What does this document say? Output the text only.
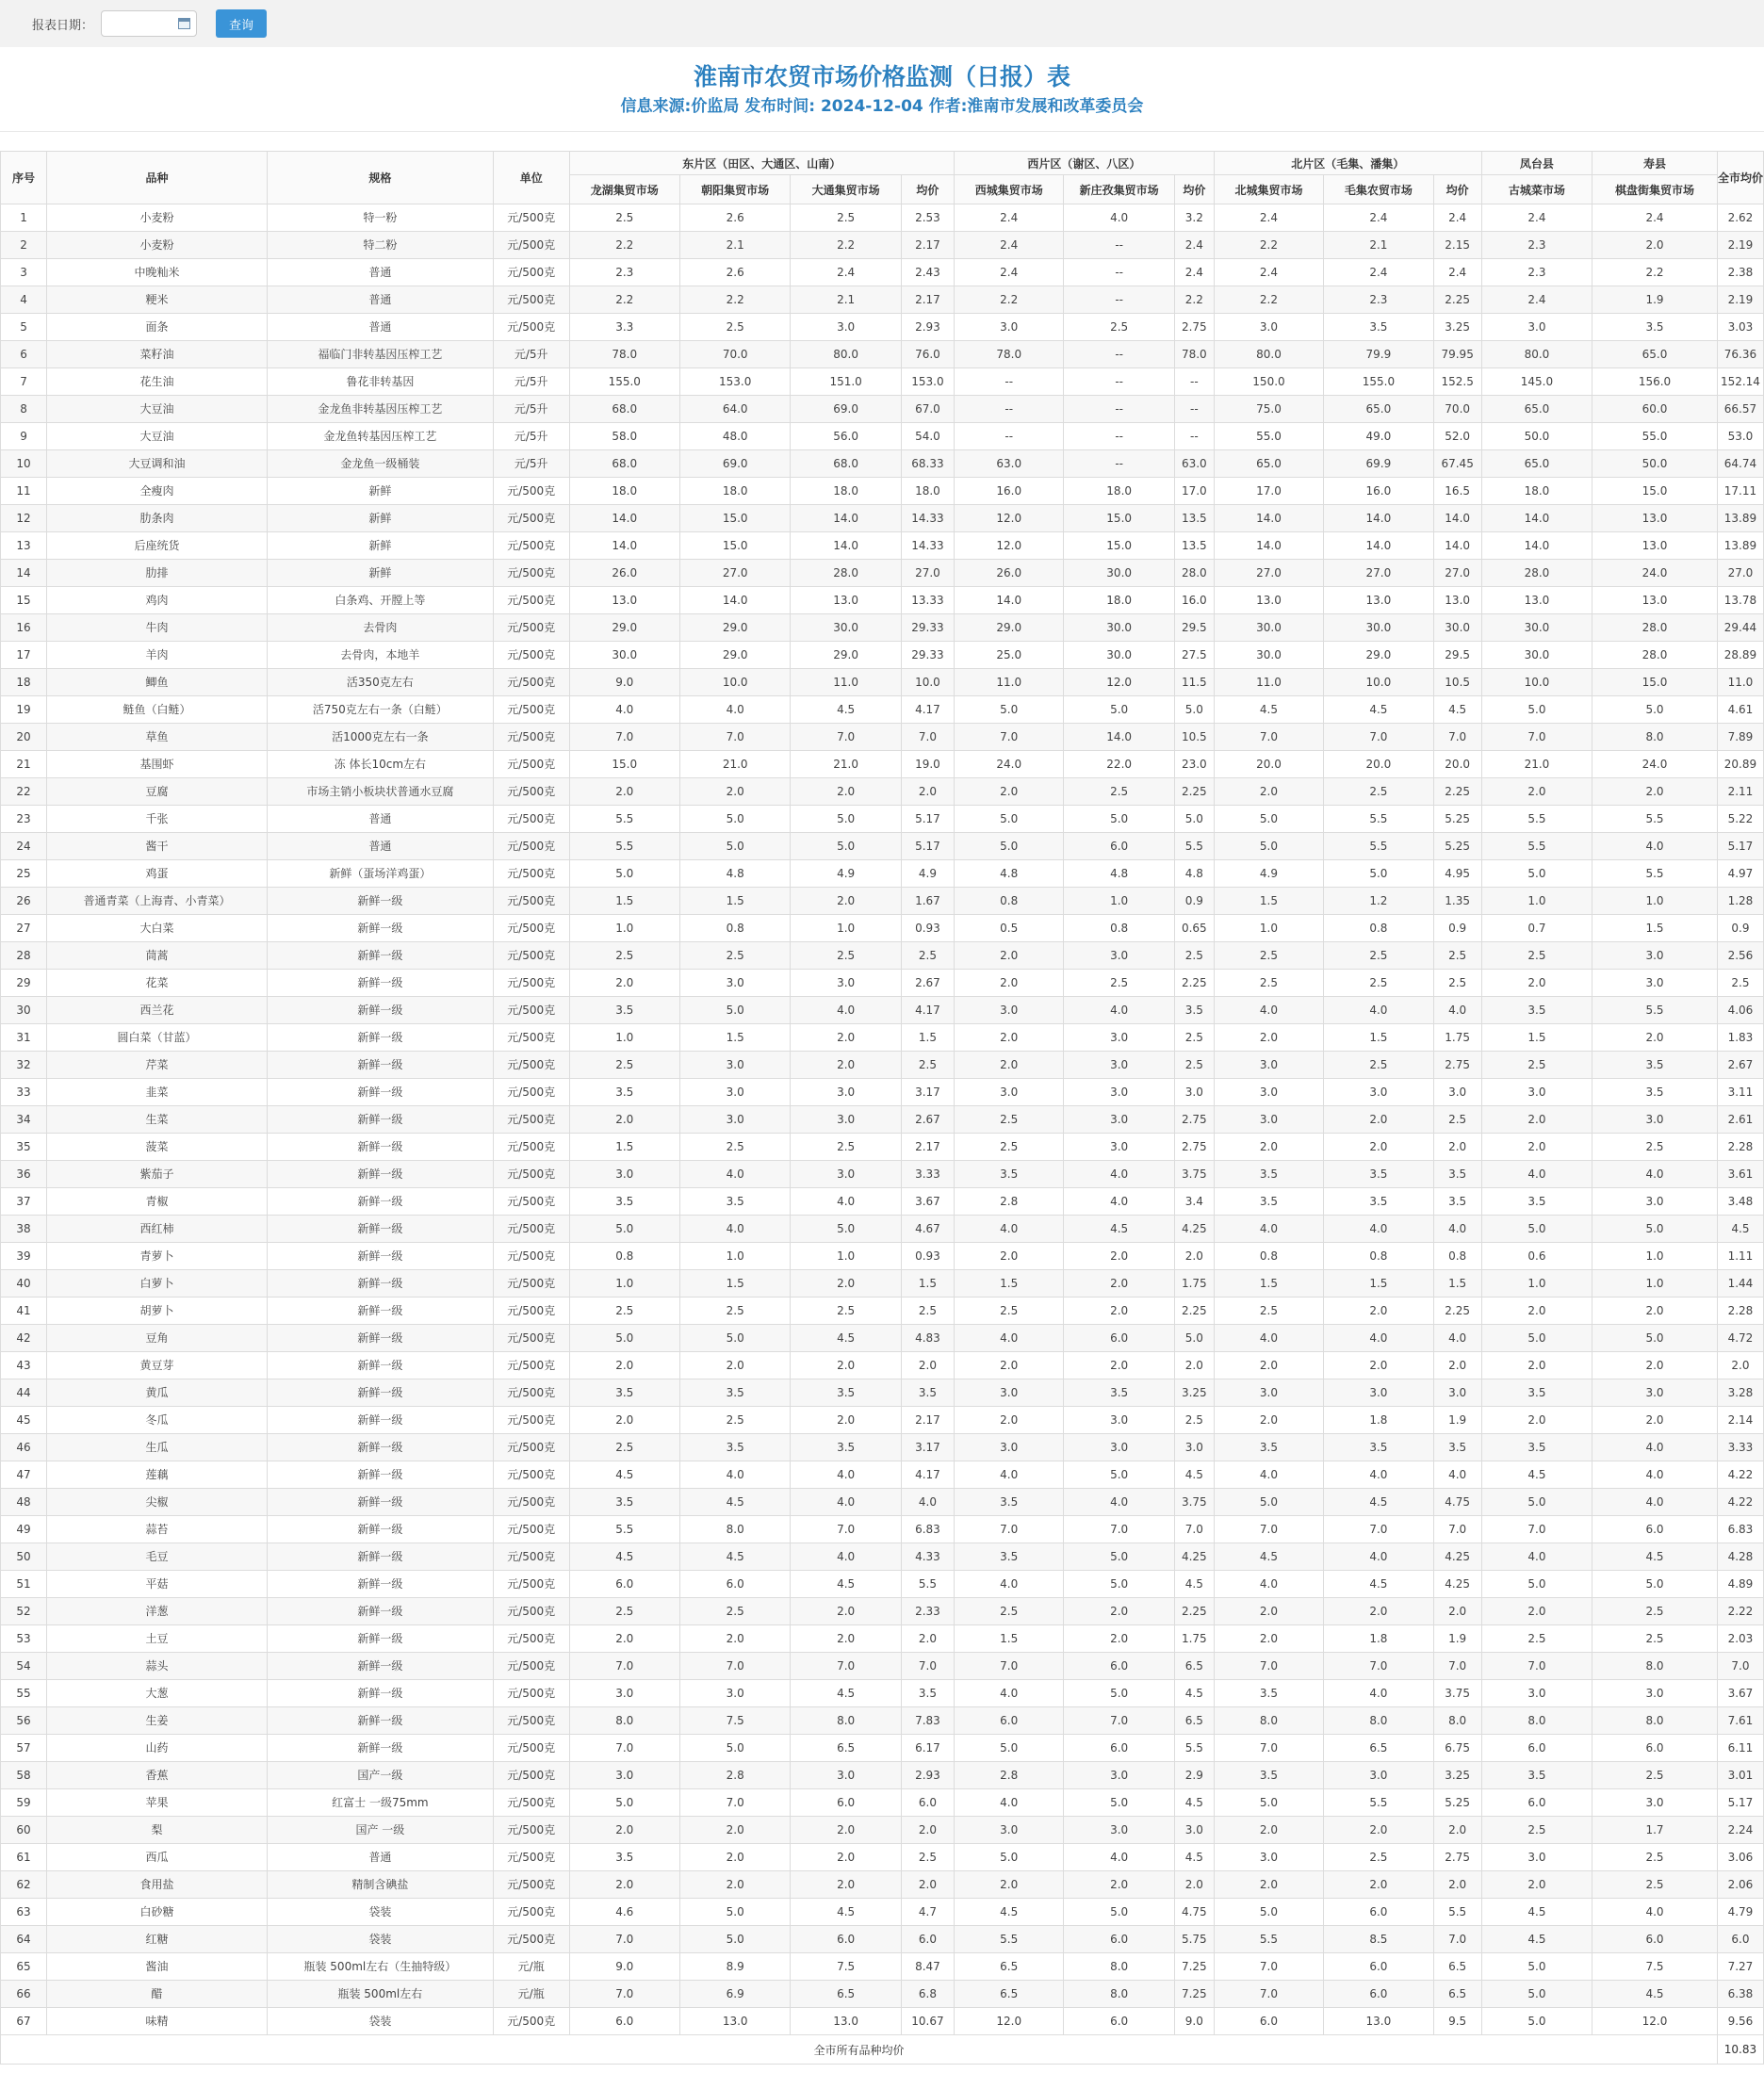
报表日期：	查询
淮南市农贸市场价格监测（日报）表
信息来源:价监局 发布时间: 2024-12-04 作者:淮南市发展和改革委员会
序号	品种	规格	单位	东片区（田区、大通区、山南）				西片区（谢区、八区）			北片区（毛集、潘集）			凤台县	寿县	全市均价
				龙湖集贸市场	朝阳集贸市场	大通集贸市场	均价	西城集贸市场	新庄孜集贸市场	均价	北城集贸市场	毛集农贸市场	均价	古城菜市场	棋盘街集贸市场	
1	小麦粉	特一粉	元/500克	2.5	2.6	2.5	2.53	2.4	4.0	3.2	2.4	2.4	2.4	2.4	2.4	2.62
2	小麦粉	特二粉	元/500克	2.2	2.1	2.2	2.17	2.4	--	2.4	2.2	2.1	2.15	2.3	2.0	2.19
3	中晚籼米	普通	元/500克	2.3	2.6	2.4	2.43	2.4	--	2.4	2.4	2.4	2.4	2.3	2.2	2.38
4	粳米	普通	元/500克	2.2	2.2	2.1	2.17	2.2	--	2.2	2.2	2.3	2.25	2.4	1.9	2.19
5	面条	普通	元/500克	3.3	2.5	3.0	2.93	3.0	2.5	2.75	3.0	3.5	3.25	3.0	3.5	3.03
6	菜籽油	福临门非转基因压榨工艺	元/5升	78.0	70.0	80.0	76.0	78.0	--	78.0	80.0	79.9	79.95	80.0	65.0	76.36
7	花生油	鲁花非转基因	元/5升	155.0	153.0	151.0	153.0	--	--	--	150.0	155.0	152.5	145.0	156.0	152.14
8	大豆油	金龙鱼非转基因压榨工艺	元/5升	68.0	64.0	69.0	67.0	--	--	--	75.0	65.0	70.0	65.0	60.0	66.57
9	大豆油	金龙鱼转基因压榨工艺	元/5升	58.0	48.0	56.0	54.0	--	--	--	55.0	49.0	52.0	50.0	55.0	53.0
10	大豆调和油	金龙鱼一级桶装	元/5升	68.0	69.0	68.0	68.33	63.0	--	63.0	65.0	69.9	67.45	65.0	50.0	64.74
11	全瘦肉	新鲜	元/500克	18.0	18.0	18.0	18.0	16.0	18.0	17.0	17.0	16.0	16.5	18.0	15.0	17.11
12	肋条肉	新鲜	元/500克	14.0	15.0	14.0	14.33	12.0	15.0	13.5	14.0	14.0	14.0	14.0	13.0	13.89
13	后座统货	新鲜	元/500克	14.0	15.0	14.0	14.33	12.0	15.0	13.5	14.0	14.0	14.0	14.0	13.0	13.89
14	肋排	新鲜	元/500克	26.0	27.0	28.0	27.0	26.0	30.0	28.0	27.0	27.0	27.0	28.0	24.0	27.0
15	鸡肉	白条鸡、开膛上等	元/500克	13.0	14.0	13.0	13.33	14.0	18.0	16.0	13.0	13.0	13.0	13.0	13.0	13.78
16	牛肉	去骨肉	元/500克	29.0	29.0	30.0	29.33	29.0	30.0	29.5	30.0	30.0	30.0	30.0	28.0	29.44
17	羊肉	去骨肉，本地羊	元/500克	30.0	29.0	29.0	29.33	25.0	30.0	27.5	30.0	29.0	29.5	30.0	28.0	28.89
18	鲫鱼	活350克左右	元/500克	9.0	10.0	11.0	10.0	11.0	12.0	11.5	11.0	10.0	10.5	10.0	15.0	11.0
19	鲢鱼（白鲢）	活750克左右一条（白鲢）	元/500克	4.0	4.0	4.5	4.17	5.0	5.0	5.0	4.5	4.5	4.5	5.0	5.0	4.61
20	草鱼	活1000克左右一条	元/500克	7.0	7.0	7.0	7.0	7.0	14.0	10.5	7.0	7.0	7.0	7.0	8.0	7.89
21	基围虾	冻 体长10cm左右	元/500克	15.0	21.0	21.0	19.0	24.0	22.0	23.0	20.0	20.0	20.0	21.0	24.0	20.89
22	豆腐	市场主销小板块状普通水豆腐	元/500克	2.0	2.0	2.0	2.0	2.0	2.5	2.25	2.0	2.5	2.25	2.0	2.0	2.11
23	千张	普通	元/500克	5.5	5.0	5.0	5.17	5.0	5.0	5.0	5.0	5.5	5.25	5.5	5.5	5.22
24	酱干	普通	元/500克	5.5	5.0	5.0	5.17	5.0	6.0	5.5	5.0	5.5	5.25	5.5	4.0	5.17
25	鸡蛋	新鲜（蛋场洋鸡蛋）	元/500克	5.0	4.8	4.9	4.9	4.8	4.8	4.8	4.9	5.0	4.95	5.0	5.5	4.97
26	普通青菜（上海青、小青菜）	新鲜一级	元/500克	1.5	1.5	2.0	1.67	0.8	1.0	0.9	1.5	1.2	1.35	1.0	1.0	1.28
27	大白菜	新鲜一级	元/500克	1.0	0.8	1.0	0.93	0.5	0.8	0.65	1.0	0.8	0.9	0.7	1.5	0.9
28	茼蒿	新鲜一级	元/500克	2.5	2.5	2.5	2.5	2.0	3.0	2.5	2.5	2.5	2.5	2.5	3.0	2.56
29	花菜	新鲜一级	元/500克	2.0	3.0	3.0	2.67	2.0	2.5	2.25	2.5	2.5	2.5	2.0	3.0	2.5
30	西兰花	新鲜一级	元/500克	3.5	5.0	4.0	4.17	3.0	4.0	3.5	4.0	4.0	4.0	3.5	5.5	4.06
31	圆白菜（甘蓝）	新鲜一级	元/500克	1.0	1.5	2.0	1.5	2.0	3.0	2.5	2.0	1.5	1.75	1.5	2.0	1.83
32	芹菜	新鲜一级	元/500克	2.5	3.0	2.0	2.5	2.0	3.0	2.5	3.0	2.5	2.75	2.5	3.5	2.67
33	韭菜	新鲜一级	元/500克	3.5	3.0	3.0	3.17	3.0	3.0	3.0	3.0	3.0	3.0	3.0	3.5	3.11
34	生菜	新鲜一级	元/500克	2.0	3.0	3.0	2.67	2.5	3.0	2.75	3.0	2.0	2.5	2.0	3.0	2.61
35	菠菜	新鲜一级	元/500克	1.5	2.5	2.5	2.17	2.5	3.0	2.75	2.0	2.0	2.0	2.0	2.5	2.28
36	紫茄子	新鲜一级	元/500克	3.0	4.0	3.0	3.33	3.5	4.0	3.75	3.5	3.5	3.5	4.0	4.0	3.61
37	青椒	新鲜一级	元/500克	3.5	3.5	4.0	3.67	2.8	4.0	3.4	3.5	3.5	3.5	3.5	3.0	3.48
38	西红柿	新鲜一级	元/500克	5.0	4.0	5.0	4.67	4.0	4.5	4.25	4.0	4.0	4.0	5.0	5.0	4.5
39	青萝卜	新鲜一级	元/500克	0.8	1.0	1.0	0.93	2.0	2.0	2.0	0.8	0.8	0.8	0.6	1.0	1.11
40	白萝卜	新鲜一级	元/500克	1.0	1.5	2.0	1.5	1.5	2.0	1.75	1.5	1.5	1.5	1.0	1.0	1.44
41	胡萝卜	新鲜一级	元/500克	2.5	2.5	2.5	2.5	2.5	2.0	2.25	2.5	2.0	2.25	2.0	2.0	2.28
42	豆角	新鲜一级	元/500克	5.0	5.0	4.5	4.83	4.0	6.0	5.0	4.0	4.0	4.0	5.0	5.0	4.72
43	黄豆芽	新鲜一级	元/500克	2.0	2.0	2.0	2.0	2.0	2.0	2.0	2.0	2.0	2.0	2.0	2.0	2.0
44	黄瓜	新鲜一级	元/500克	3.5	3.5	3.5	3.5	3.0	3.5	3.25	3.0	3.0	3.0	3.5	3.0	3.28
45	冬瓜	新鲜一级	元/500克	2.0	2.5	2.0	2.17	2.0	3.0	2.5	2.0	1.8	1.9	2.0	2.0	2.14
46	生瓜	新鲜一级	元/500克	2.5	3.5	3.5	3.17	3.0	3.0	3.0	3.5	3.5	3.5	3.5	4.0	3.33
47	莲藕	新鲜一级	元/500克	4.5	4.0	4.0	4.17	4.0	5.0	4.5	4.0	4.0	4.0	4.5	4.0	4.22
48	尖椒	新鲜一级	元/500克	3.5	4.5	4.0	4.0	3.5	4.0	3.75	5.0	4.5	4.75	5.0	4.0	4.22
49	蒜苔	新鲜一级	元/500克	5.5	8.0	7.0	6.83	7.0	7.0	7.0	7.0	7.0	7.0	7.0	6.0	6.83
50	毛豆	新鲜一级	元/500克	4.5	4.5	4.0	4.33	3.5	5.0	4.25	4.5	4.0	4.25	4.0	4.5	4.28
51	平菇	新鲜一级	元/500克	6.0	6.0	4.5	5.5	4.0	5.0	4.5	4.0	4.5	4.25	5.0	5.0	4.89
52	洋葱	新鲜一级	元/500克	2.5	2.5	2.0	2.33	2.5	2.0	2.25	2.0	2.0	2.0	2.0	2.5	2.22
53	土豆	新鲜一级	元/500克	2.0	2.0	2.0	2.0	1.5	2.0	1.75	2.0	1.8	1.9	2.5	2.5	2.03
54	蒜头	新鲜一级	元/500克	7.0	7.0	7.0	7.0	7.0	6.0	6.5	7.0	7.0	7.0	7.0	8.0	7.0
55	大葱	新鲜一级	元/500克	3.0	3.0	4.5	3.5	4.0	5.0	4.5	3.5	4.0	3.75	3.0	3.0	3.67
56	生姜	新鲜一级	元/500克	8.0	7.5	8.0	7.83	6.0	7.0	6.5	8.0	8.0	8.0	8.0	8.0	7.61
57	山药	新鲜一级	元/500克	7.0	5.0	6.5	6.17	5.0	6.0	5.5	7.0	6.5	6.75	6.0	6.0	6.11
58	香蕉	国产一级	元/500克	3.0	2.8	3.0	2.93	2.8	3.0	2.9	3.5	3.0	3.25	3.5	2.5	3.01
59	苹果	红富士 一级75mm	元/500克	5.0	7.0	6.0	6.0	4.0	5.0	4.5	5.0	5.5	5.25	6.0	3.0	5.17
60	梨	国产 一级	元/500克	2.0	2.0	2.0	2.0	3.0	3.0	3.0	2.0	2.0	2.0	2.5	1.7	2.24
61	西瓜	普通	元/500克	3.5	2.0	2.0	2.5	5.0	4.0	4.5	3.0	2.5	2.75	3.0	2.5	3.06
62	食用盐	精制含碘盐	元/500克	2.0	2.0	2.0	2.0	2.0	2.0	2.0	2.0	2.0	2.0	2.0	2.5	2.06
63	白砂糖	袋装	元/500克	4.6	5.0	4.5	4.7	4.5	5.0	4.75	5.0	6.0	5.5	4.5	4.0	4.79
64	红糖	袋装	元/500克	7.0	5.0	6.0	6.0	5.5	6.0	5.75	5.5	8.5	7.0	4.5	6.0	6.0
65	酱油	瓶装 500ml左右（生抽特级）	元/瓶	9.0	8.9	7.5	8.47	6.5	8.0	7.25	7.0	6.0	6.5	5.0	7.5	7.27
66	醋	瓶装 500ml左右	元/瓶	7.0	6.9	6.5	6.8	6.5	8.0	7.25	7.0	6.0	6.5	5.0	4.5	6.38
67	味精	袋装	元/500克	6.0	13.0	13.0	10.67	12.0	6.0	9.0	6.0	13.0	9.5	5.0	12.0	9.56
全市所有品种均价																10.83
